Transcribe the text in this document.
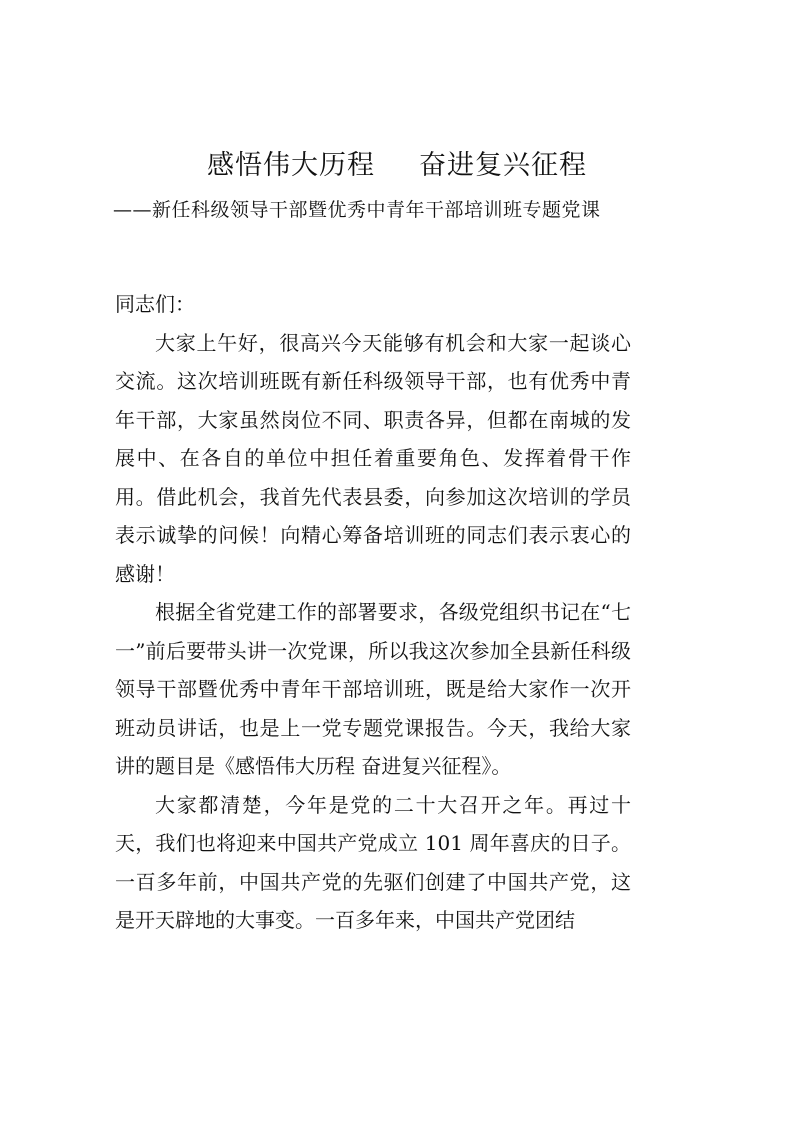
感悟伟大历程 奋进复兴征程
——新任科级领导干部暨优秀中青年干部培训班专题党课

同志们：

大家上午好，很高兴今天能够有机会和大家一起谈心交流。这次培训班既有新任科级领导干部，也有优秀中青年干部，大家虽然岗位不同、职责各异，但都在南城的发展中、在各自的单位中担任着重要角色、发挥着骨干作用。借此机会，我首先代表县委，向参加这次培训的学员表示诚挚的问候！向精心筹备培训班的同志们表示衷心的感谢！

根据全省党建工作的部署要求，各级党组织书记在“七一”前后要带头讲一次党课，所以我这次参加全县新任科级领导干部暨优秀中青年干部培训班，既是给大家作一次开班动员讲话，也是上一党专题党课报告。今天，我给大家讲的题目是《感悟伟大历程 奋进复兴征程》。

大家都清楚，今年是党的二十大召开之年。再过十天，我们也将迎来中国共产党成立 101 周年喜庆的日子。一百多年前，中国共产党的先驱们创建了中国共产党，这是开天辟地的大事变。一百多年来，中国共产党团结
